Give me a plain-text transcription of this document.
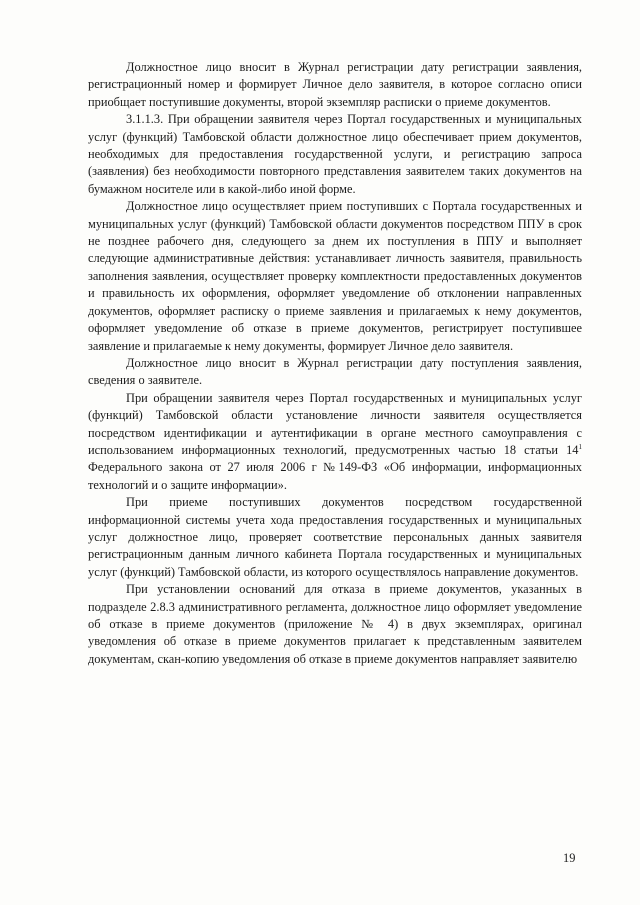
Должностное лицо вносит в Журнал регистрации дату регистрации заявления, регистрационный номер и формирует Личное дело заявителя, в которое согласно описи приобщает поступившие документы, второй экземпляр расписки о приеме документов.

3.1.1.3. При обращении заявителя через Портал государственных и муниципальных услуг (функций) Тамбовской области должностное лицо обеспечивает прием документов, необходимых для предоставления государственной услуги, и регистрацию запроса (заявления) без необходимости повторного представления заявителем таких документов на бумажном носителе или в какой-либо иной форме.

Должностное лицо осуществляет прием поступивших с Портала государственных и муниципальных услуг (функций) Тамбовской области документов посредством ППУ в срок не позднее рабочего дня, следующего за днем их поступления в ППУ и выполняет следующие административные действия: устанавливает личность заявителя, правильность заполнения заявления, осуществляет проверку комплектности предоставленных документов и правильность их оформления, оформляет уведомление об отклонении направленных документов, оформляет расписку о приеме заявления и прилагаемых к нему документов, оформляет уведомление об отказе в приеме документов, регистрирует поступившее заявление и прилагаемые к нему документы, формирует Личное дело заявителя.

Должностное лицо вносит в Журнал регистрации дату поступления заявления, сведения о заявителе.

При обращении заявителя через Портал государственных и муниципальных услуг (функций) Тамбовской области установление личности заявителя осуществляется посредством идентификации и аутентификации в органе местного самоуправления с использованием информационных технологий, предусмотренных частью 18 статьи $14^1$ Федерального закона от 27 июля 2006 г №149-ФЗ «Об информации, информационных технологий и о защите информации».

При приеме поступивших документов посредством государственной информационной системы учета хода предоставления государственных и муниципальных услуг должностное лицо, проверяет соответствие персональных данных заявителя регистрационным данным личного кабинета Портала государственных и муниципальных услуг (функций) Тамбовской области, из которого осуществлялось направление документов.

При установлении оснований для отказа в приеме документов, указанных в подразделе 2.8.3 административного регламента, должностное лицо оформляет уведомление об отказе в приеме документов (приложение № 4) в двух экземплярах, оригинал уведомления об отказе в приеме документов прилагает к представленным заявителем документам, скан-копию уведомления об отказе в приеме документов направляет заявителю

19
